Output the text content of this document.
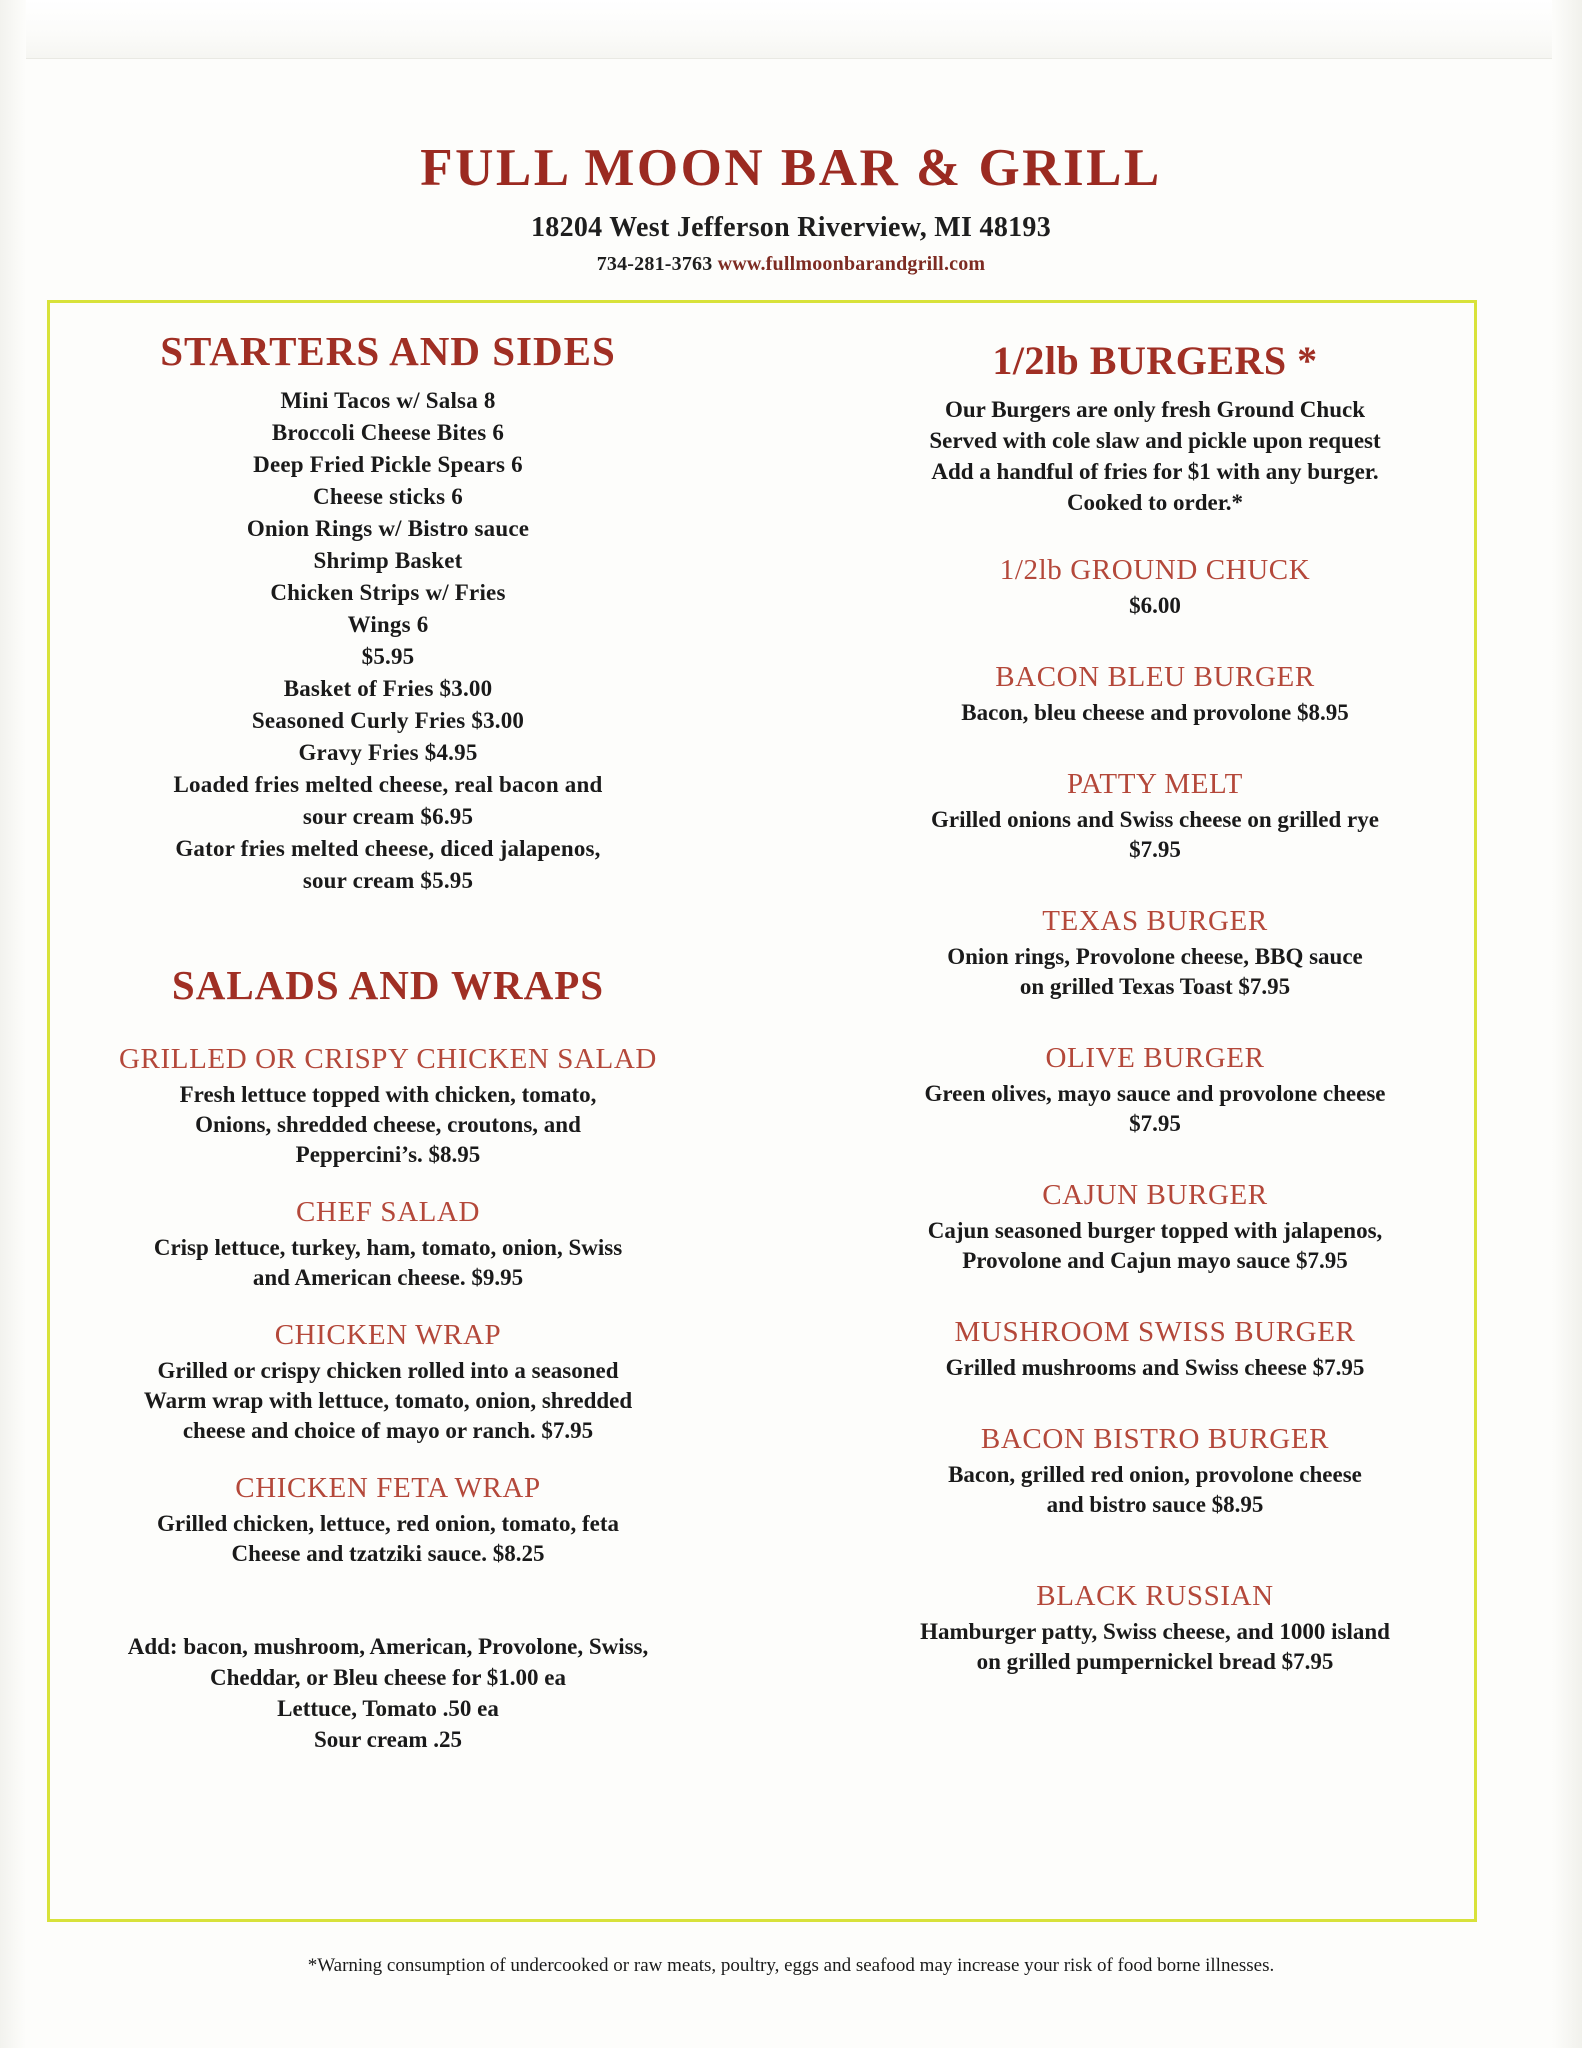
FULL MOON BAR & GRILL
18204 West Jefferson Riverview, MI 48193
734-281-3763 www.fullmoonbarandgrill.com
STARTERS AND SIDES
Mini Tacos w/ Salsa 8
Broccoli Cheese Bites 6
Deep Fried Pickle Spears 6
Cheese sticks 6
Onion Rings w/ Bistro sauce
Shrimp Basket
Chicken Strips w/ Fries
Wings 6
$5.95
Basket of Fries $3.00
Seasoned Curly Fries $3.00
Gravy Fries $4.95
Loaded fries melted cheese, real bacon and
sour cream $6.95
Gator fries melted cheese, diced jalapenos,
sour cream $5.95
SALADS AND WRAPS
GRILLED OR CRISPY CHICKEN SALAD
Fresh lettuce topped with chicken, tomato,
Onions, shredded cheese, croutons, and
Peppercini’s. $8.95
CHEF SALAD
Crisp lettuce, turkey, ham, tomato, onion, Swiss
and American cheese. $9.95
CHICKEN WRAP
Grilled or crispy chicken rolled into a seasoned
Warm wrap with lettuce, tomato, onion, shredded
cheese and choice of mayo or ranch. $7.95
CHICKEN FETA WRAP
Grilled chicken, lettuce, red onion, tomato, feta
Cheese and tzatziki sauce. $8.25
Add: bacon, mushroom, American, Provolone, Swiss,
Cheddar, or Bleu cheese for $1.00 ea
Lettuce, Tomato .50 ea
Sour cream .25
1/2lb BURGERS *
Our Burgers are only fresh Ground Chuck
Served with cole slaw and pickle upon request
Add a handful of fries for $1 with any burger.
Cooked to order.*
1/2lb GROUND CHUCK
$6.00
BACON BLEU BURGER
Bacon, bleu cheese and provolone $8.95
PATTY MELT
Grilled onions and Swiss cheese on grilled rye
$7.95
TEXAS BURGER
Onion rings, Provolone cheese, BBQ sauce
on grilled Texas Toast $7.95
OLIVE BURGER
Green olives, mayo sauce and provolone cheese
$7.95
CAJUN BURGER
Cajun seasoned burger topped with jalapenos,
Provolone and Cajun mayo sauce $7.95
MUSHROOM SWISS BURGER
Grilled mushrooms and Swiss cheese $7.95
BACON BISTRO BURGER
Bacon, grilled red onion, provolone cheese
and bistro sauce $8.95
BLACK RUSSIAN
Hamburger patty, Swiss cheese, and 1000 island
on grilled pumpernickel bread $7.95
*Warning consumption of undercooked or raw meats, poultry, eggs and seafood may increase your risk of food borne illnesses.
